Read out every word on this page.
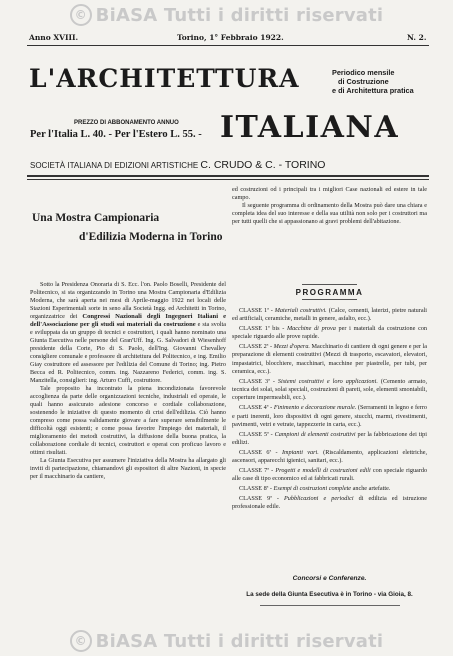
© BiASA Tutti i diritti riservati
Anno XVIII.	Torino, 1° Febbraio 1922.	N. 2.
L'ARCHITETTURA	Periodico mensile
di Costruzione
e di Architettura pratica
PREZZO DI ABBONAMENTO ANNUO
Per l'Italia L. 40. - Per l'Estero L. 55. - ITALIANA
SOCIETÀ ITALIANA DI EDIZIONI ARTISTICHE C. CRUDO & C. - TORINO
Una Mostra Campionaria
d'Edilizia Moderna in Torino

Sotto la Presidenza Onoraria di S. Ecc. l'on. Paolo Boselli, Presidente del Politecnico, si sta organizzando in Torino una Mostra Campionaria d'Edilizia Moderna, che sarà aperta nei mesi di Aprile-maggio 1922 nei locali delle Stazioni Esperimentali sorte in seno alla Società Ingg. ed Architetti in Torino, organizzatrice dei Congressi Nazionali degli Ingegneri Italiani e dell'Associazione per gli studi sui materiali da costruzione e sta svolta e sviluppata da un gruppo di tecnici e costruttori, i quali hanno nominato una Giunta Esecutiva nelle persone del Gran'Uff. Ing. G. Salvadori di Wiesenhoff presidente della Corte, Pio di S. Paolo, dell'Ing. Giovanni Chevalley consigliere comunale e professore di architettura del Politecnico, e ing. Emilio Giay costruttore ed assessore per l'edilizia del Comune di Torino; ing. Pietro Becca ed R. Politecnico, comm. ing. Nazzareno Federici, comm. ing. S. Manzitella, consiglieri: ing. Arturo Cuffi, costruttore.

Tale proposito ha incontrato la piena incondizionata favorevole accoglienza da parte delle organizzazioni tecniche, industriali ed operaie, le quali hanno assicurato adesione concorso e cordiale collaborazione, sostenendo le iniziative di questo momento di crisi dell'edilizia. Ciò hanno compreso come possa validamente giovare a fare superare sensibilmente le difficoltà oggi esistenti; e come possa favorire l'impiego dei materiali, il miglioramento dei metodi costruttivi, la diffusione della buona pratica, la collaborazione cordiale di tecnici, costruttori e operai con proficuo lavoro e ottimi risultati.

La Giunta Esecutiva per assumere l'iniziativa della Mostra ha allargato gli inviti di partecipazione, chiamandovi gli espositori di altre Nazioni, in specie per il macchinario da cantiere,

ed costruzioni od i principali tra i migliori Case nazionali ed estere in tale campo.

Il seguente programma di ordinamento della Mostra può dare una chiara e completa idea del suo interesse e della sua utilità non solo per i costruttori ma per tutti quelli che si appassionano ai gravi problemi dell'abitazione.

PROGRAMMA

CLASSE 1ª - Materiali costruttivi. (Calce, cementi, laterizi, pietre naturali ed artificiali, ceramiche, metalli in genere, asfalto, ecc.).

CLASSE 1ª bis - Macchine di prova per i materiali da costruzione con speciale riguardo alle prove rapide.

CLASSE 2ª - Mezzi d'opera. Macchinario di cantiere di ogni genere e per la preparazione di elementi costruttivi (Mezzi di trasporto, escavatori, elevatori, impastatrici, blocchiere, macchinari, macchine per piastrelle, per tubi, per ceramica, ecc.).

CLASSE 3ª - Sistemi costruttivi e loro applicazioni. (Cemento armato, tecnica dei solai, solai speciali, costruzioni di pareti, sole, elementi smontabili, coperture impermeabili, ecc.).

CLASSE 4ª - Finimento e decorazione murale. (Serramenti in legno e ferro e parti inerenti, loro dispositivi di ogni genere, stucchi, marmi, rivestimenti, pavimenti, vetri e vetrate, tappezzerie in carta, ecc.).

CLASSE 5ª - Campioni di elementi costruttivi per la fabbricazione dei tipi edilizi.

CLASSE 6ª - Impianti vari. (Riscaldamento, applicazioni elettriche, ascensori, apparecchi igienici, sanitari, ecc.).

CLASSE 7ª - Progetti e modelli di costruzioni edili con speciale riguardo alle case di tipo economico ed ai fabbricati rurali.

CLASSE 8ª - Esempi di costruzioni complete anche artefatte.

CLASSE 9ª - Pubblicazioni e periodici di edilizia ed istruzione professionale edile.

Concorsi e Conferenze.
La sede della Giunta Esecutiva è in Torino - via Gioia, 8.
© BiASA Tutti i diritti riservati
